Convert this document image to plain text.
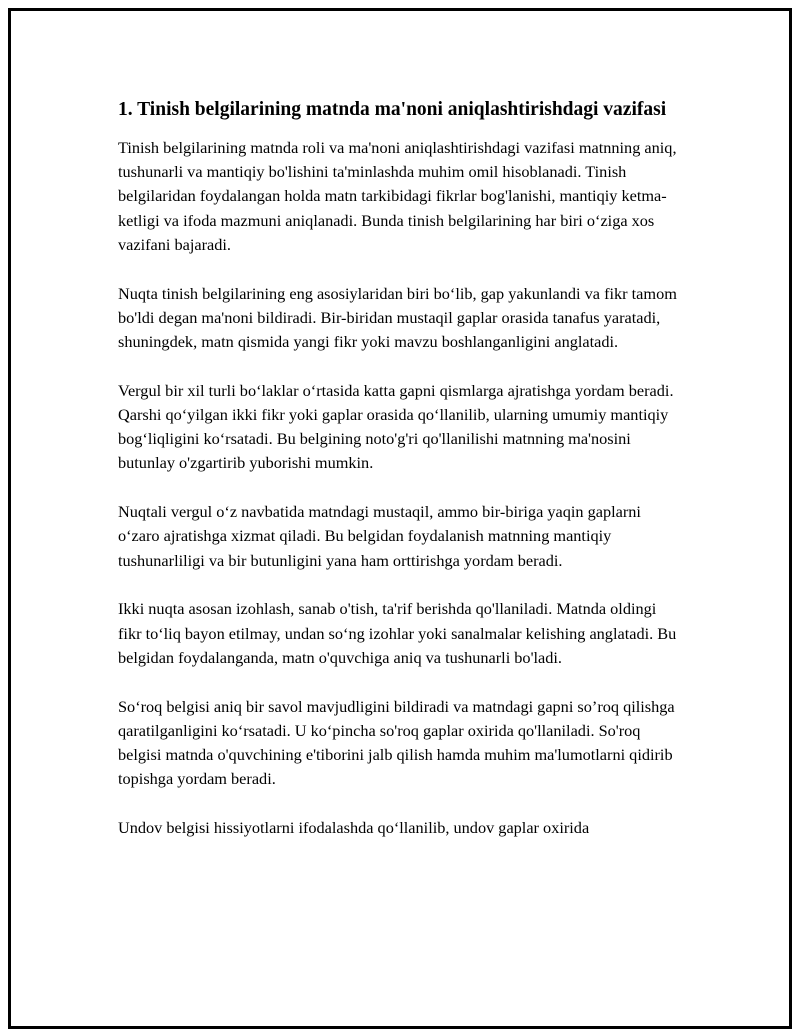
1. Tinish belgilarining matnda ma'noni aniqlashtirishdagi vazifasi

Tinish belgilarining matnda roli va ma'noni aniqlashtirishdagi vazifasi matnning aniq, tushunarli va mantiqiy bo'lishini ta'minlashda muhim omil hisoblanadi. Tinish belgilaridan foydalangan holda matn tarkibidagi fikrlar bog'lanishi, mantiqiy ketma-ketligi va ifoda mazmuni aniqlanadi. Bunda tinish belgilarining har biri o‘ziga xos vazifani bajaradi.

Nuqta tinish belgilarining eng asosiylaridan biri bo‘lib, gap yakunlandi va fikr tamom bo'ldi degan ma'noni bildiradi. Bir-biridan mustaqil gaplar orasida tanafus yaratadi, shuningdek, matn qismida yangi fikr yoki mavzu boshlanganligini anglatadi.

Vergul bir xil turli bo‘laklar o‘rtasida katta gapni qismlarga ajratishga yordam beradi. Qarshi qo‘yilgan ikki fikr yoki gaplar orasida qo‘llanilib, ularning umumiy mantiqiy bog‘liqligini ko‘rsatadi. Bu belgining noto'g'ri qo'llanilishi matnning ma'nosini butunlay o'zgartirib yuborishi mumkin.

Nuqtali vergul o‘z navbatida matndagi mustaqil, ammo bir-biriga yaqin gaplarni o‘zaro ajratishga xizmat qiladi. Bu belgidan foydalanish matnning mantiqiy tushunarliligi va bir butunligini yana ham orttirishga yordam beradi.

Ikki nuqta asosan izohlash, sanab o'tish, ta'rif berishda qo'llaniladi. Matnda oldingi fikr to‘liq bayon etilmay, undan so‘ng izohlar yoki sanalmalar kelishing anglatadi. Bu belgidan foydalanganda, matn o'quvchiga aniq va tushunarli bo'ladi.

So‘roq belgisi aniq bir savol mavjudligini bildiradi va matndagi gapni so’roq qilishga qaratilganligini ko‘rsatadi. U ko‘pincha so'roq gaplar oxirida qo'llaniladi. So'roq belgisi matnda o'quvchining e'tiborini jalb qilish hamda muhim ma'lumotlarni qidirib topishga yordam beradi.

Undov belgisi hissiyotlarni ifodalashda qo‘llanilib, undov gaplar oxirida
